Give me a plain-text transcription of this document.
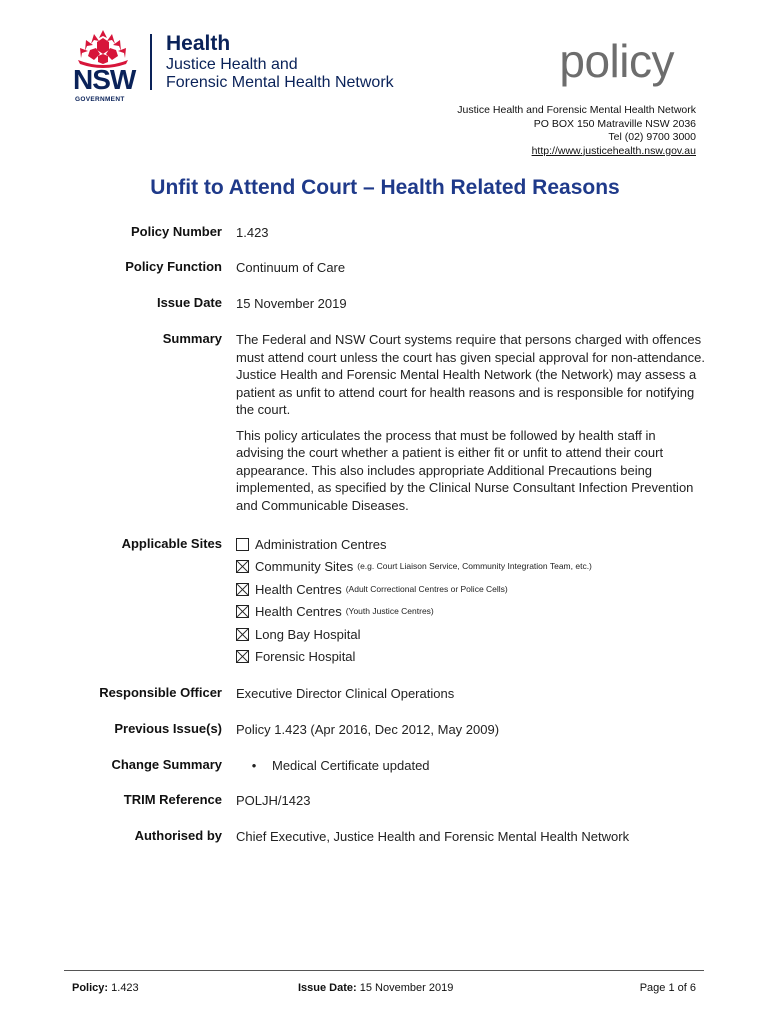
NSW
GOVERNMENT
Health
Justice Health and
Forensic Mental Health Network	policy
Justice Health and Forensic Mental Health Network
PO BOX 150 Matraville NSW 2036
Tel (02) 9700 3000
http://www.justicehealth.nsw.gov.au
Unfit to Attend Court – Health Related Reasons
Policy Number 1.423
Policy Function Continuum of Care
Issue Date 15 November 2019
Summary The Federal and NSW Court systems require that persons charged with offences must attend court unless the court has given special approval for non-attendance. Justice Health and Forensic Mental Health Network (the Network) may assess a patient as unfit to attend court for health reasons and is responsible for notifying the court.

This policy articulates the process that must be followed by health staff in advising the court whether a patient is either fit or unfit to attend their court appearance. This also includes appropriate Additional Precautions being implemented, as specified by the Clinical Nurse Consultant Infection Prevention and Communicable Diseases.

Applicable Sites	Administration Centres
Community Sites (e.g. Court Liaison Service, Community Integration Team, etc.)
Health Centres (Adult Correctional Centres or Police Cells)
Health Centres (Youth Justice Centres)
Long Bay Hospital
Forensic Hospital
Responsible Officer Executive Director Clinical Operations
Previous Issue(s) Policy 1.423 (Apr 2016, Dec 2012, May 2009)
Change Summary	•	Medical Certificate updated
TRIM Reference POLJH/1423
Authorised by Chief Executive, Justice Health and Forensic Mental Health Network
Policy: 1.423	Issue Date: 15 November 2019	Page 1 of 6
